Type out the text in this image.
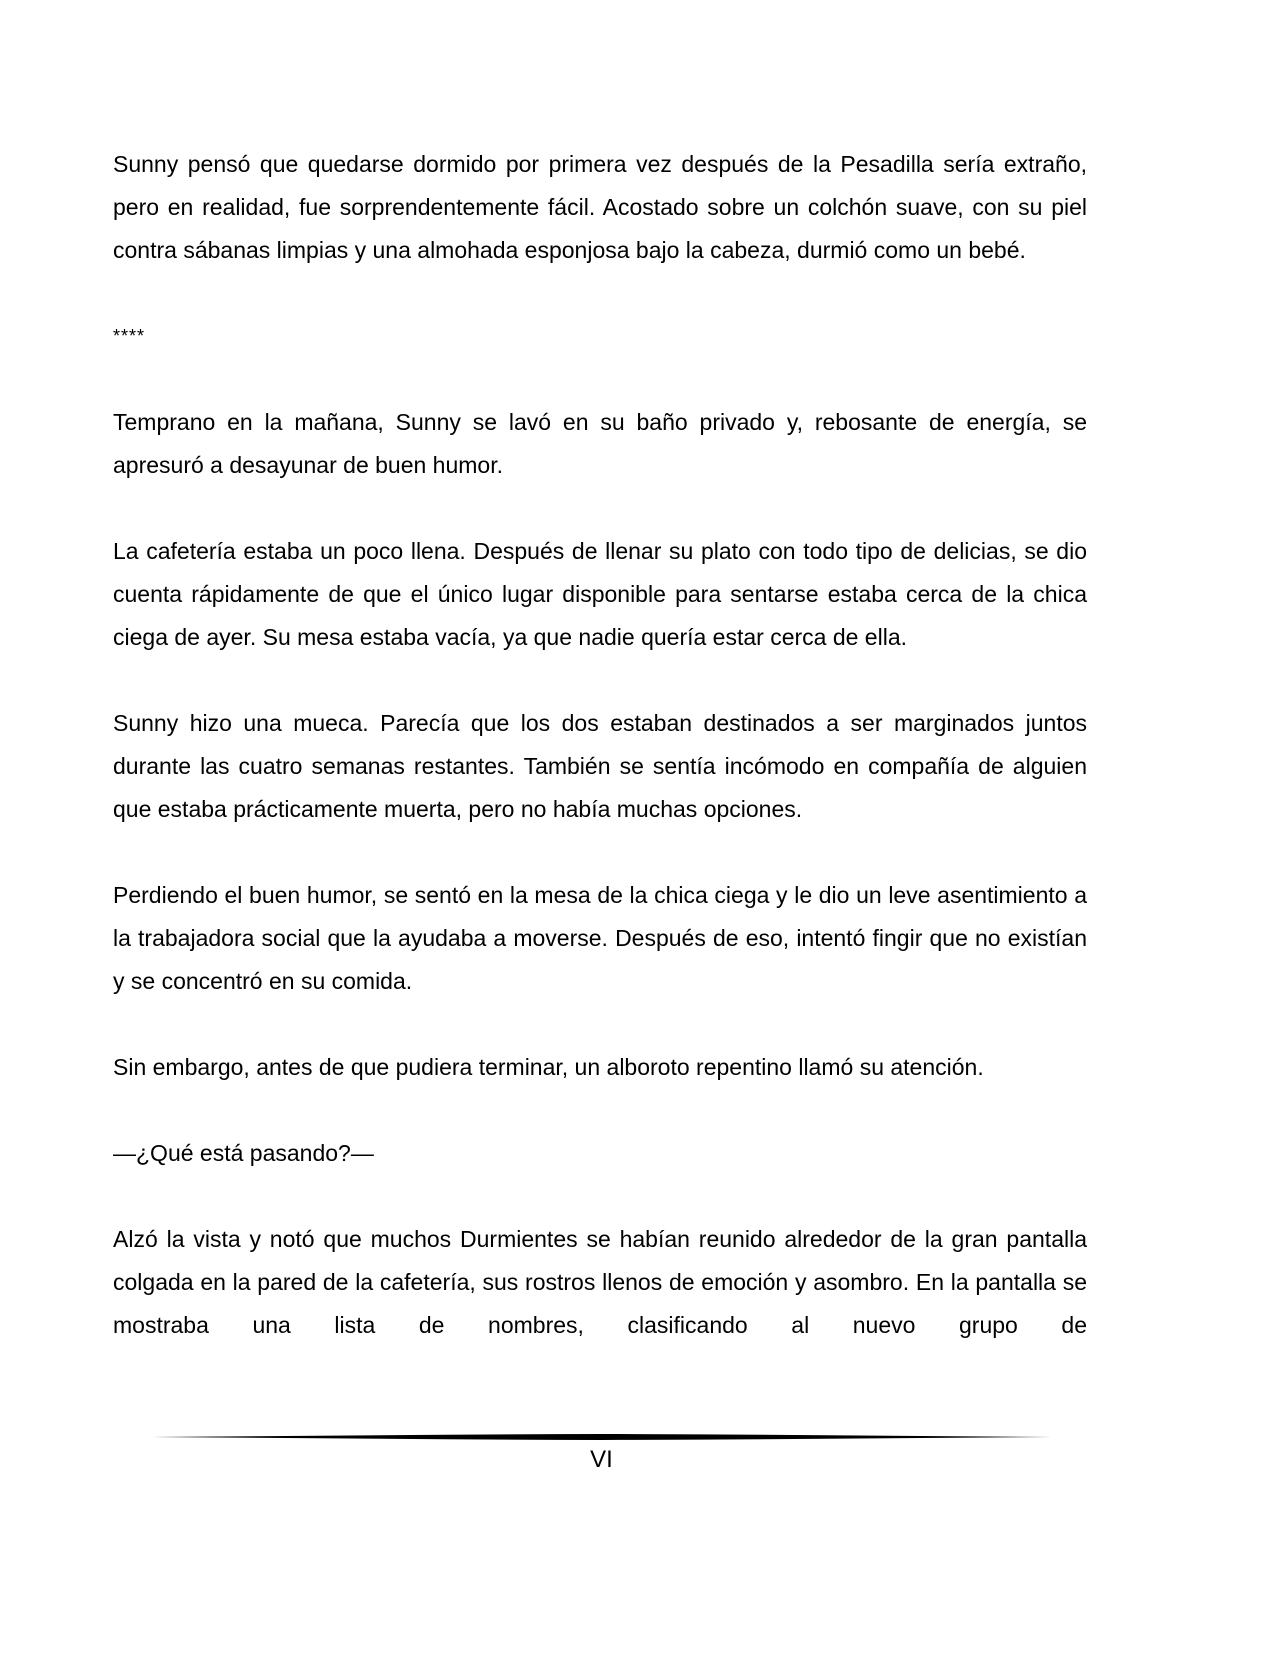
Sunny pensó que quedarse dormido por primera vez después de la Pesadilla sería extraño, pero en realidad, fue sorprendentemente fácil. Acostado sobre un colchón suave, con su piel contra sábanas limpias y una almohada esponjosa bajo la cabeza, durmió como un bebé.

****

Temprano en la mañana, Sunny se lavó en su baño privado y, rebosante de energía, se apresuró a desayunar de buen humor.

La cafetería estaba un poco llena. Después de llenar su plato con todo tipo de delicias, se dio cuenta rápidamente de que el único lugar disponible para sentarse estaba cerca de la chica ciega de ayer. Su mesa estaba vacía, ya que nadie quería estar cerca de ella.

Sunny hizo una mueca. Parecía que los dos estaban destinados a ser marginados juntos durante las cuatro semanas restantes. También se sentía incómodo en compañía de alguien que estaba prácticamente muerta, pero no había muchas opciones.

Perdiendo el buen humor, se sentó en la mesa de la chica ciega y le dio un leve asentimiento a la trabajadora social que la ayudaba a moverse. Después de eso, intentó fingir que no existían y se concentró en su comida.

Sin embargo, antes de que pudiera terminar, un alboroto repentino llamó su atención.

—¿Qué está pasando?—

Alzó la vista y notó que muchos Durmientes se habían reunido alrededor de la gran pantalla colgada en la pared de la cafetería, sus rostros llenos de emoción y asombro. En la pantalla se mostraba una lista de nombres, clasificando al nuevo grupo de

VI
